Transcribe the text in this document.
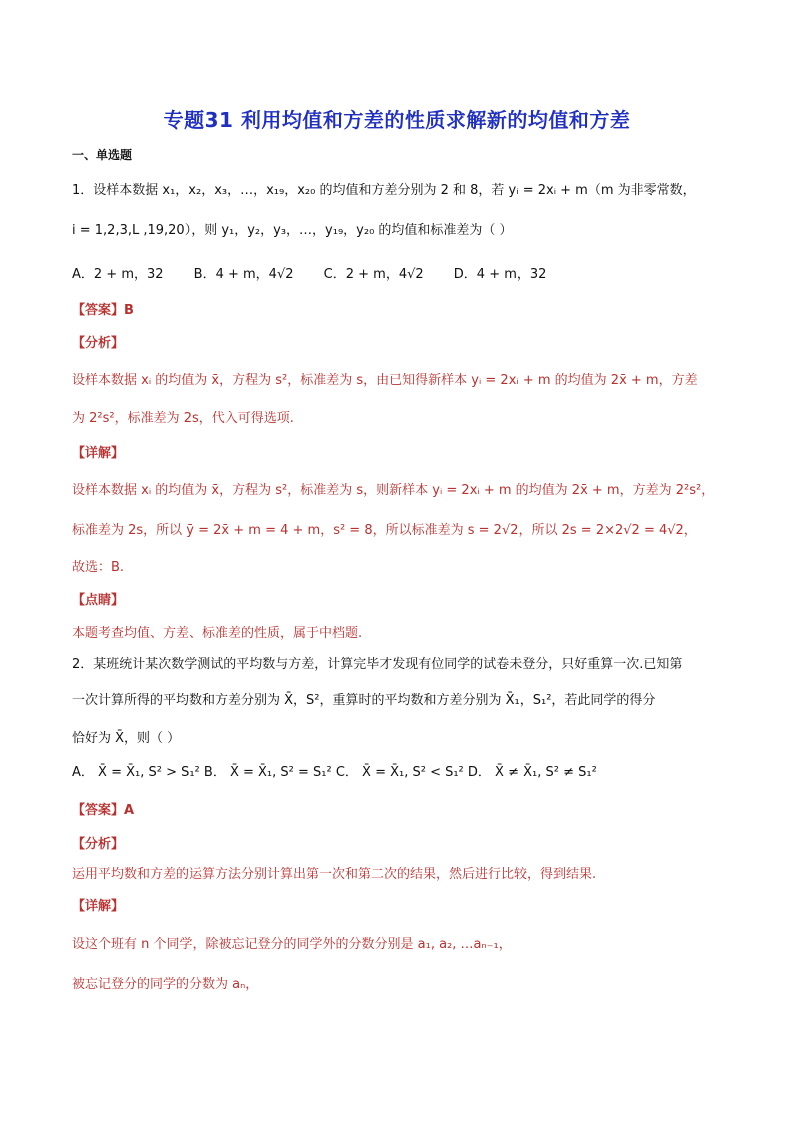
专题31 利用均值和方差的性质求解新的均值和方差
一、单选题
1．设样本数据 x₁，x₂，x₃，…，x₁₉，x₂₀ 的均值和方差分别为 2 和 8，若 yᵢ = 2xᵢ + m（m 为非零常数，
i = 1,2,3,L ,19,20），则 y₁，y₂，y₃，…，y₁₉，y₂₀ 的均值和标准差为（ ）
A．2 + m，32 B．4 + m，4√2 C．2 + m，4√2 D．4 + m，32
【答案】B
【分析】
设样本数据 xᵢ 的均值为 x̄，方程为 s²，标准差为 s，由已知得新样本 yᵢ = 2xᵢ + m 的均值为 2x̄ + m，方差
为 2²s²，标准差为 2s，代入可得选项.
【详解】
设样本数据 xᵢ 的均值为 x̄，方程为 s²，标准差为 s，则新样本 yᵢ = 2xᵢ + m 的均值为 2x̄ + m，方差为 2²s²，
标准差为 2s，所以 ȳ = 2x̄ + m = 4 + m，s² = 8，所以标准差为 s = 2√2，所以 2s = 2×2√2 = 4√2，
故选：B.
【点睛】
本题考查均值、方差、标准差的性质，属于中档题.
2．某班统计某次数学测试的平均数与方差，计算完毕才发现有位同学的试卷未登分，只好重算一次.已知第
一次计算所得的平均数和方差分别为 X̄，S²，重算时的平均数和方差分别为 X̄₁，S₁²，若此同学的得分
恰好为 X̄，则（ ）
A． X̄ = X̄₁, S² > S₁² B． X̄ = X̄₁, S² = S₁² C． X̄ = X̄₁, S² < S₁² D． X̄ ≠ X̄₁, S² ≠ S₁²
【答案】A
【分析】
运用平均数和方差的运算方法分别计算出第一次和第二次的结果，然后进行比较，得到结果.
【详解】
设这个班有 n 个同学，除被忘记登分的同学外的分数分别是 a₁, a₂, …aₙ₋₁，
被忘记登分的同学的分数为 aₙ，
